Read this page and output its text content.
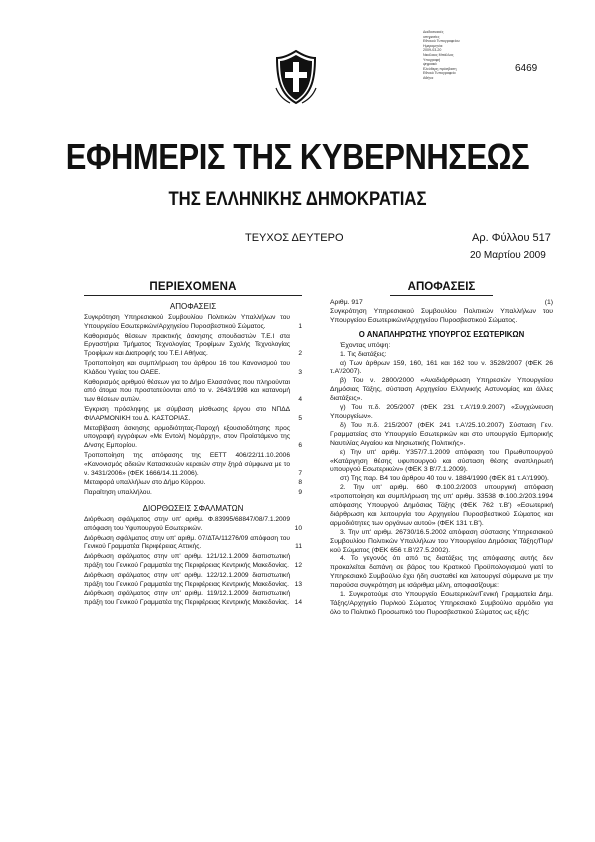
Διαδικτυακές
υπηρεσίες
Εθνικού Τυπογραφείου
Ημερομηνία:
2009-03-20
Νικόλαος Μπάλλας
Υπογραφή
ψηφιακά
Ελεύθερη πρόσβαση
Εθνικό Τυπογραφείο
Αθήνα
6469
ΕΦΗΜΕΡΙΣ ΤΗΣ ΚΥΒΕΡΝΗΣΕΩΣ
ΤΗΣ ΕΛΛΗΝΙΚΗΣ ΔΗΜΟΚΡΑΤΙΑΣ
ΤΕΥΧΟΣ ΔΕΥΤΕΡΟ	Αρ. Φύλλου 517
20 Μαρτίου 2009
ΠΕΡΙΕΧΟΜΕΝΑ
ΑΠΟΦΑΣΕΙΣ
Συγκρότηση Υπηρεσιακού Συμβουλίου Πολιτικών Υπαλλήλων του Υπουργείου Εσωτερικών/Αρχηγείου Πυροσβεστικού Σώματος.	1
Καθορισμός θέσεων πρακτικής άσκησης σπουδαστών Τ.Ε.Ι στα Εργαστήρια Τμήματος Τεχνολογίας Τροφίμων Σχολής Τεχνολογίας Τροφίμων και Διατροφής του Τ.Ε.Ι Αθήνας.	2
Τροποποίηση και συμπλήρωση του άρθρου 16 του Κανονισμού του Κλάδου Υγείας του ΟΑΕΕ.	3
Καθορισμός αριθμού θέσεων για το Δήμο Ελασσόνας που πληρούνται από άτομα που προστατεύονται από το ν. 2643/1998 και κατανομή των θέσεων αυτών.	4
Έγκριση πρόσληψης με σύμβαση μίσθωσης έργου στο ΝΠΔΔ ΦΙΛΑΡΜΟΝΙΚΗ του Δ. ΚΑΣΤΟΡΙΑΣ.	5
Μεταβίβαση άσκησης αρμοδιότητας-Παροχή εξουσιοδότησης προς υπογραφή εγγράφων «Με Εντολή Νομάρχη», στον Προϊστάμενο της Δ/νσης Εμπορίου.	6
Τροποποίηση της απόφασης της ΕΕΤΤ 406/22/11.10.2006 «Κανονισμός αδειών Κατασκευών κεραιών στην ξηρά σύμφωνα με το ν. 3431/2006» (ΦΕΚ 1666/14.11.2006).	7
Μεταφορά υπαλλήλων στο Δήμο Κύρρου.	8
Παραίτηση υπαλλήλου.	9
ΔΙΟΡΘΩΣΕΙΣ ΣΦΑΛΜΑΤΩΝ
Διόρθωση σφάλματος στην υπ' αριθμ. Φ.83995/68847/08/7.1.2009 απόφαση του Υφυπουργού Εσωτερικών.	10
Διόρθωση σφάλματος στην υπ' αριθμ. 07/ΔΤΑ/11276/09 απόφαση του Γενικού Γραμματέα Περιφέρειας Αττικής.	11
Διόρθωση σφάλματος στην υπ' αριθμ. 121/12.1.2009 διαπιστωτική πράξη του Γενικού Γραμματέα της Περιφέρειας Κεντρικής Μακεδονίας. 12
Διόρθωση σφάλματος στην υπ' αριθμ. 122/12.1.2009 διαπιστωτική πράξη του Γενικού Γραμματέα της Περιφέρειας Κεντρικής Μακεδονίας. 13
Διόρθωση σφάλματος στην υπ' αριθμ. 119/12.1.2009 διαπιστωτική πράξη του Γενικού Γραμματέα της Περιφέρειας Κεντρικής Μακεδονίας. 14
ΑΠΟΦΑΣΕΙΣ
Αριθμ. 917	(1)
Συγκρότηση Υπηρεσιακού Συμβουλίου Πολιτικών Υπαλλήλων του Υπουργείου Εσωτερικών/Αρχηγείου Πυροσβεστικού Σώματος.
Ο ΑΝΑΠΛΗΡΩΤΗΣ ΥΠΟΥΡΓΟΣ ΕΣΩΤΕΡΙΚΩΝ
Έχοντας υπόψη:
1. Τις διατάξεις:
α) Των άρθρων 159, 160, 161 και 162 του ν. 3528/2007 (ΦΕΚ 26 τ.Α'/2007).
β) Του ν. 2800/2000 «Αναδιάρθρωση Υπηρεσιών Υπουργείου Δημόσιας Τάξης, σύσταση Αρχηγείου Ελληνικής Αστυνομίας και άλλες διατάξεις».
γ) Του π.δ. 205/2007 (ΦΕΚ 231 τ.Α'/19.9.2007) «Συγχώνευση Υπουργείων».
δ) Του π.δ. 215/2007 (ΦΕΚ 241 τ.Α'/25.10.2007) Σύσταση Γεν. Γραμματείας στο Υπουργείο Εσωτερικών και στο υπουργείο Εμπορικής Ναυτιλίας Αιγαίου και Νησιωτικής Πολιτικής».
ε) Την υπ' αριθμ. Υ357/7.1.2009 απόφαση του Πρωθυπουργού «Κατάργηση θέσης υφυπουργού και σύσταση θέσης αναπληρωτή υπουργού Εσωτερικών» (ΦΕΚ 3 Β'/7.1.2009).
στ) Της παρ. Β4 του άρθρου 40 του ν. 1884/1990 (ΦΕΚ 81 τ.Α'/1990).
2. Την υπ' αριθμ. 660 Φ.100.2/2003 υπουργική απόφαση «τροποποίηση και συμπλήρωση της υπ' αριθμ. 33538 Φ.100.2/203.1994 απόφασης Υπουργού Δημόσιας Τάξης (ΦΕΚ 762 τ.Β') «Εσωτερική διάρθρωση και λειτουργία του Αρχηγείου Πυροσβεστικού Σώματος και αρμοδιότητες των οργάνων αυτού» (ΦΕΚ 131 τ.Β').
3. Την υπ' αριθμ. 26730/16.5.2002 απόφαση σύστασης Υπηρεσιακού Συμβουλίου Πολιτικών Υπαλλήλων του Υπουργείου Δημόσιας Τάξης/Πυρ/κού Σώματος (ΦΕΚ 656 τ.Β'/27.5.2002).
4. Το γεγονός ότι από τις διατάξεις της απόφασης αυτής δεν προκαλείται δαπάνη σε βάρος του Κρατικού Προϋπολογισμού γιατί το Υπηρεσιακό Συμβούλιο έχει ήδη συσταθεί και λειτουργεί σύμφωνα με την παρούσα συγκρότηση με ισάριθμα μέλη, αποφασίζουμε:
1. Συγκροτούμε στο Υπουργείο Εσωτερικών/Γενική Γραμματεία Δημ. Τάξης/Αρχηγείο Πυρ/κού Σώματος Υπηρεσιακό Συμβούλιο αρμόδιο για όλο το Πολιτικό Προσωπικό του Πυροσβεστικού Σώματος ως εξής:
